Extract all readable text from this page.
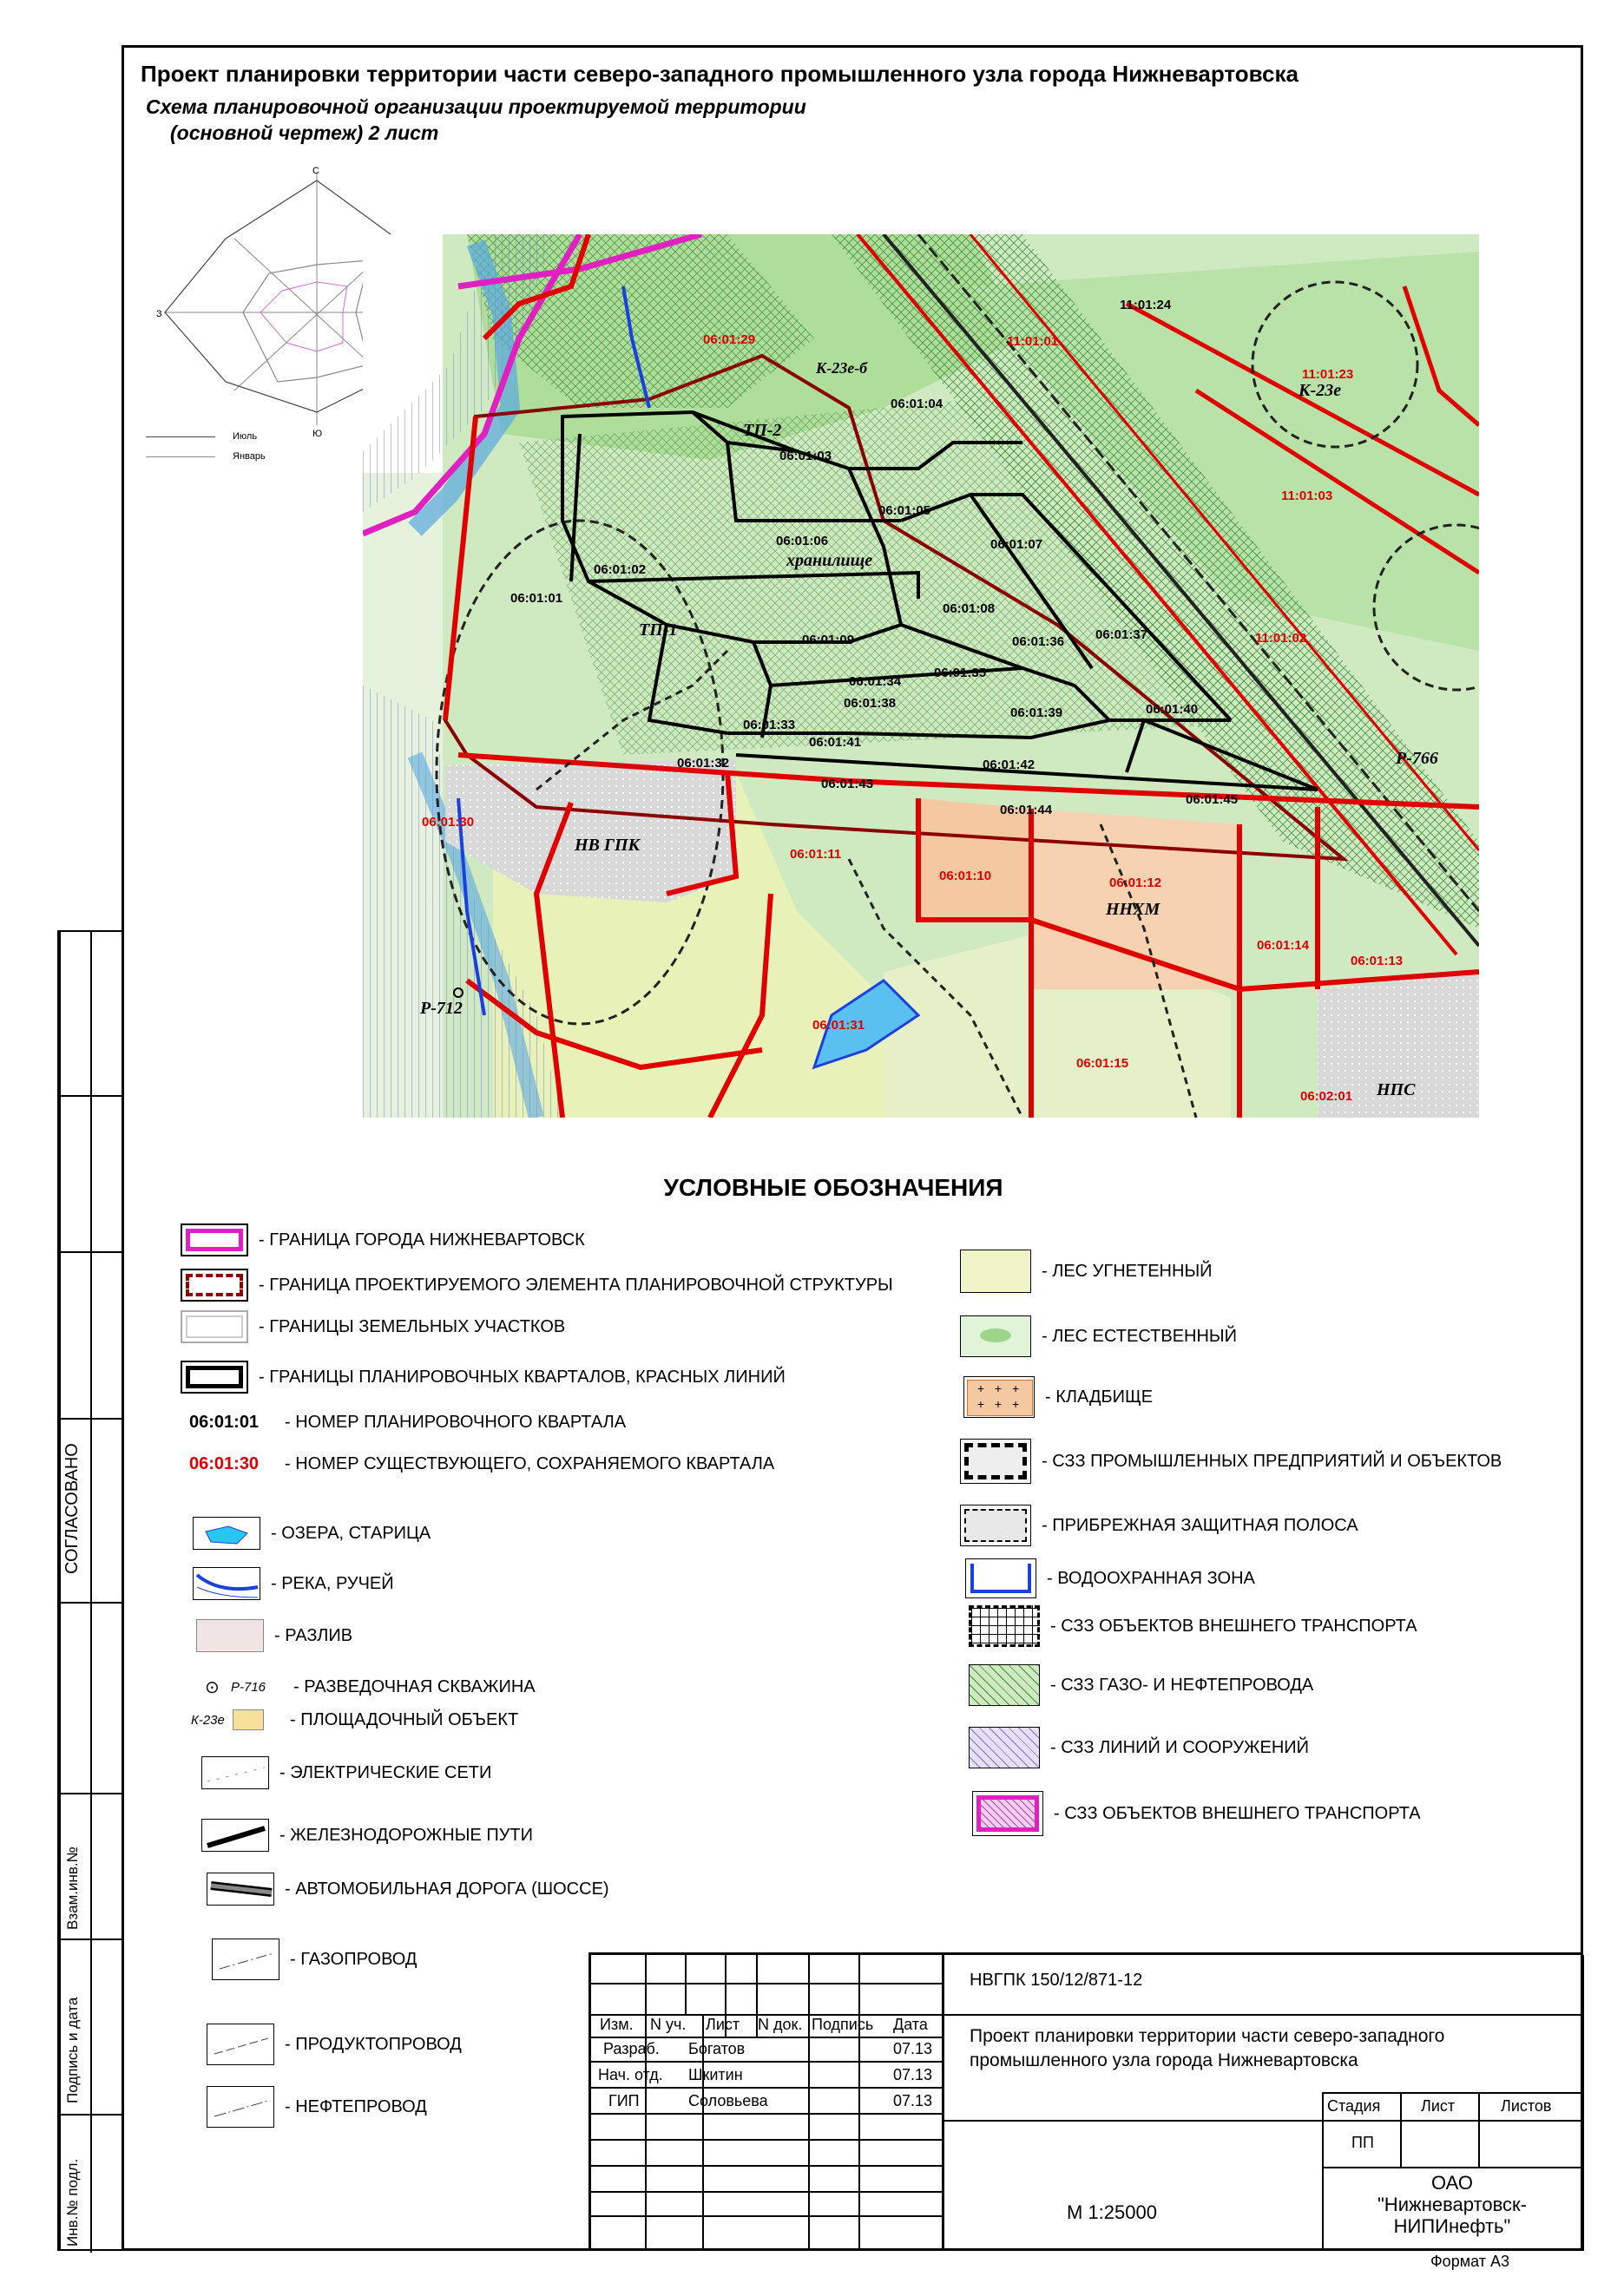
Проект планировки территории части северо-западного промышленного узла города Нижневартовска
Схема планировочной организации проектируемой территории
(основной чертеж) 2 лист
С
Ю
З
Июль
Январь
06:01:04
06:01:03
06:01:05
06:01:06	06:01:07
06:01:02
06:01:01
06:01:08
06:01:09	06:01:36 06:01:37
06:01:35
06:01:34
06:01:38
06:01:39	06:01:40
06:01:33
06:01:41
06:01:42
06:01:32
06:01:43
06:01:44
06:01:45
06:01:29	11:01:01
11:01:24
11:01:23
11:01:03
11:01:02
06:01:30
06:01:11
06:01:10	06:01:12
06:01:14
06:01:13
06:01:31
06:01:15
06:02:01
К-23е-б
ТП-2
хранилище
ТП-1
К-23е
Р-766
НВ ГПК
ННХМ
Р-712
НПС
УСЛОВНЫЕ ОБОЗНАЧЕНИЯ
- ГРАНИЦА ГОРОДА НИЖНЕВАРТОВСК
- ГРАНИЦА ПРОЕКТИРУЕМОГО ЭЛЕМЕНТА ПЛАНИРОВОЧНОЙ СТРУКТУРЫ
- ГРАНИЦЫ ЗЕМЕЛЬНЫХ УЧАСТКОВ
- ГРАНИЦЫ ПЛАНИРОВОЧНЫХ КВАРТАЛОВ, КРАСНЫХ ЛИНИЙ
06:01:01	- НОМЕР ПЛАНИРОВОЧНОГО КВАРТАЛА
06:01:30	- НОМЕР СУЩЕСТВУЮЩЕГО, СОХРАНЯЕМОГО КВАРТАЛА
- ОЗЕРА, СТАРИЦА
- РЕКА, РУЧЕЙ
- РАЗЛИВ
⊙ Р-716	- РАЗВЕДОЧНАЯ СКВАЖИНА
К-23е	- ПЛОЩАДОЧНЫЙ ОБЪЕКТ
- ЭЛЕКТРИЧЕСКИЕ СЕТИ
- ЖЕЛЕЗНОДОРОЖНЫЕ ПУТИ
- АВТОМОБИЛЬНАЯ ДОРОГА (ШОССЕ)
- ГАЗОПРОВОД
- ПРОДУКТОПРОВОД
- НЕФТЕПРОВОД
- ЛЕС УГНЕТЕННЫЙ
- ЛЕС ЕСТЕСТВЕННЫЙ
+ + +
+ + +	- КЛАДБИЩЕ
- СЗЗ ПРОМЫШЛЕННЫХ ПРЕДПРИЯТИЙ И ОБЪЕКТОВ
- ПРИБРЕЖНАЯ ЗАЩИТНАЯ ПОЛОСА
- ВОДООХРАННАЯ ЗОНА
- СЗЗ ОБЪЕКТОВ ВНЕШНЕГО ТРАНСПОРТА
- СЗЗ ГАЗО- И НЕФТЕПРОВОДА
- СЗЗ ЛИНИЙ И СООРУЖЕНИЙ
- СЗЗ ОБЪЕКТОВ ВНЕШНЕГО ТРАНСПОРТА
СОГЛАСОВАНО
Взам.инв.№
Подпись и дата
Инв.№ подл.
НВГПК 150/12/871-12
Изм. N уч. Лист N док. Подпись Дата
Разраб. Богатов	07.13
Нач. отд. Шкитин	07.13
ГИП	Соловьева	07.13
Проект планировки территории части северо-западного промышленного узла города Нижневартовска
Стадия	Лист	Листов
ПП
М 1:25000
ОАО
"Нижневартовск-
НИПИнефть"
Формат А3
